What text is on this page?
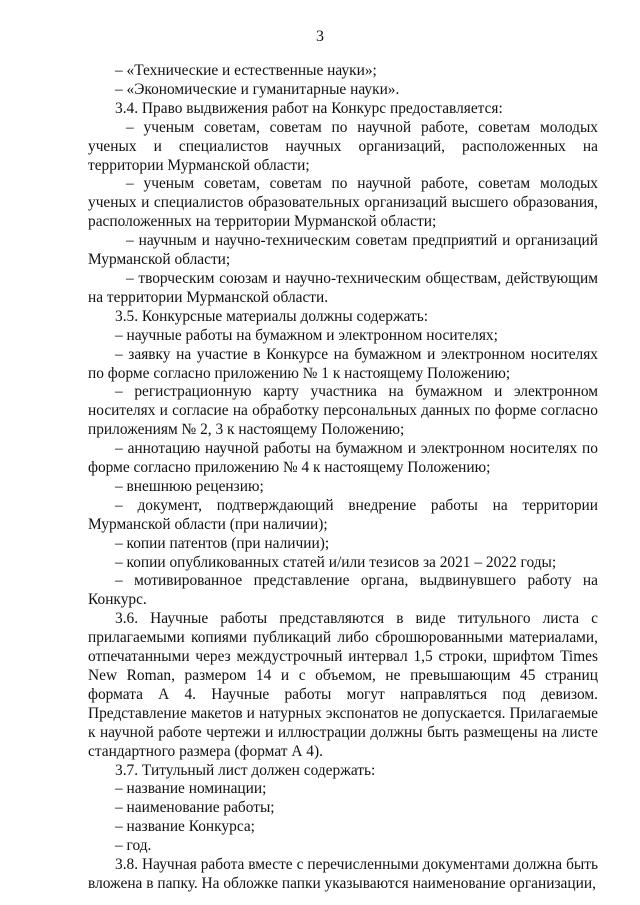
3

– «Технические и естественные науки»;

– «Экономические и гуманитарные науки».

3.4. Право выдвижения работ на Конкурс предоставляется:

– ученым советам, советам по научной работе, советам молодых ученых и специалистов научных организаций, расположенных на территории Мурманской области;

– ученым советам, советам по научной работе, советам молодых ученых и специалистов образовательных организаций высшего образования, расположенных на территории Мурманской области;

– научным и научно-техническим советам предприятий и организаций Мурманской области;

– творческим союзам и научно-техническим обществам, действующим на территории Мурманской области.

3.5. Конкурсные материалы должны содержать:

– научные работы на бумажном и электронном носителях;

– заявку на участие в Конкурсе на бумажном и электронном носителях по форме согласно приложению № 1 к настоящему Положению;

– регистрационную карту участника на бумажном и электронном носителях и согласие на обработку персональных данных по форме согласно приложениям № 2, 3 к настоящему Положению;

– аннотацию научной работы на бумажном и электронном носителях по форме согласно приложению № 4 к настоящему Положению;

– внешнюю рецензию;

– документ, подтверждающий внедрение работы на территории Мурманской области (при наличии);

– копии патентов (при наличии);

– копии опубликованных статей и/или тезисов за 2021 – 2022 годы;

– мотивированное представление органа, выдвинувшего работу на Конкурс.

3.6. Научные работы представляются в виде титульного листа с прилагаемыми копиями публикаций либо сброшюрованными материалами, отпечатанными через междустрочный интервал 1,5 строки, шрифтом Times New Roman, размером 14 и с объемом, не превышающим 45 страниц формата А 4. Научные работы могут направляться под девизом. Представление макетов и натурных экспонатов не допускается. Прилагаемые к научной работе чертежи и иллюстрации должны быть размещены на листе стандартного размера (формат А 4).

3.7. Титульный лист должен содержать:

– название номинации;

– наименование работы;

– название Конкурса;

– год.

3.8. Научная работа вместе с перечисленными документами должна быть вложена в папку. На обложке папки указываются наименование организации,
